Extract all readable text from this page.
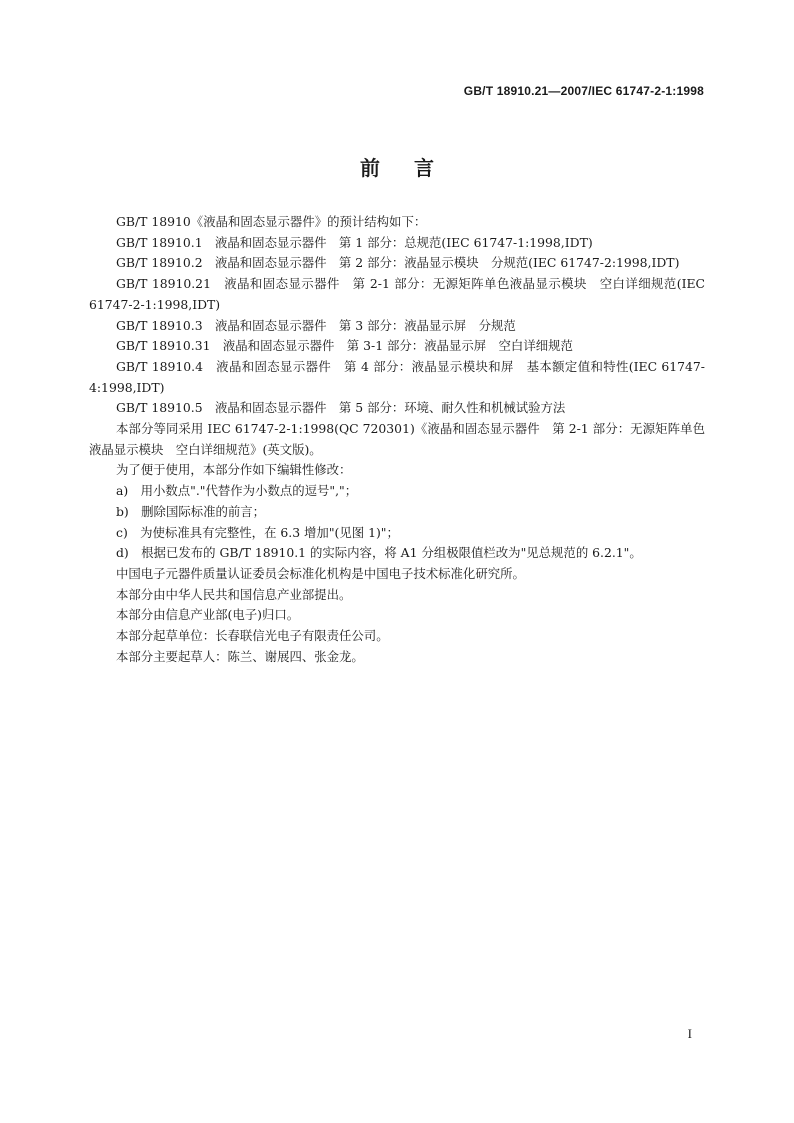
GB/T 18910.21—2007/IEC 61747-2-1:1998
前言

GB/T 18910《液晶和固态显示器件》的预计结构如下：

GB/T 18910.1　液晶和固态显示器件　第 1 部分：总规范(IEC 61747-1:1998,IDT)

GB/T 18910.2　液晶和固态显示器件　第 2 部分：液晶显示模块　分规范(IEC 61747-2:1998,IDT)

GB/T 18910.21　液晶和固态显示器件　第 2-1 部分：无源矩阵单色液晶显示模块　空白详细规范(IEC 61747-2-1:1998,IDT)

GB/T 18910.3　液晶和固态显示器件　第 3 部分：液晶显示屏　分规范

GB/T 18910.31　液晶和固态显示器件　第 3-1 部分：液晶显示屏　空白详细规范

GB/T 18910.4　液晶和固态显示器件　第 4 部分：液晶显示模块和屏　基本额定值和特性(IEC 61747-4:1998,IDT)

GB/T 18910.5　液晶和固态显示器件　第 5 部分：环境、耐久性和机械试验方法

本部分等同采用 IEC 61747-2-1:1998(QC 720301)《液晶和固态显示器件　第 2-1 部分：无源矩阵单色液晶显示模块　空白详细规范》(英文版)。

为了便于使用，本部分作如下编辑性修改：

a)　用小数点"."代替作为小数点的逗号","；

b)　删除国际标准的前言；

c)　为使标准具有完整性，在 6.3 增加"(见图 1)"；

d)　根据已发布的 GB/T 18910.1 的实际内容，将 A1 分组极限值栏改为"见总规范的 6.2.1"。

中国电子元器件质量认证委员会标准化机构是中国电子技术标准化研究所。

本部分由中华人民共和国信息产业部提出。

本部分由信息产业部(电子)归口。

本部分起草单位：长春联信光电子有限责任公司。

本部分主要起草人：陈兰、谢展四、张金龙。

I
